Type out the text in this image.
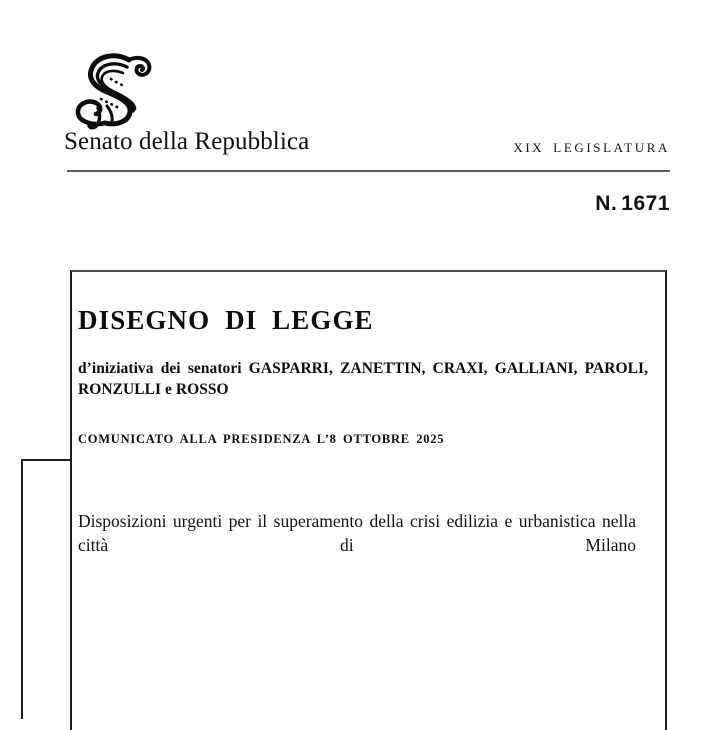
Senato della Repubblica	XIX LEGISLATURA
N. 1671
DISEGNO DI LEGGE
d’iniziativa dei senatori GASPARRI, ZANETTIN, CRAXI, GALLIANI, PAROLI, RONZULLI e ROSSO
COMUNICATO ALLA PRESIDENZA L’8 OTTOBRE 2025
Disposizioni urgenti per il superamento della crisi edilizia e urbanistica nella città di Milano
